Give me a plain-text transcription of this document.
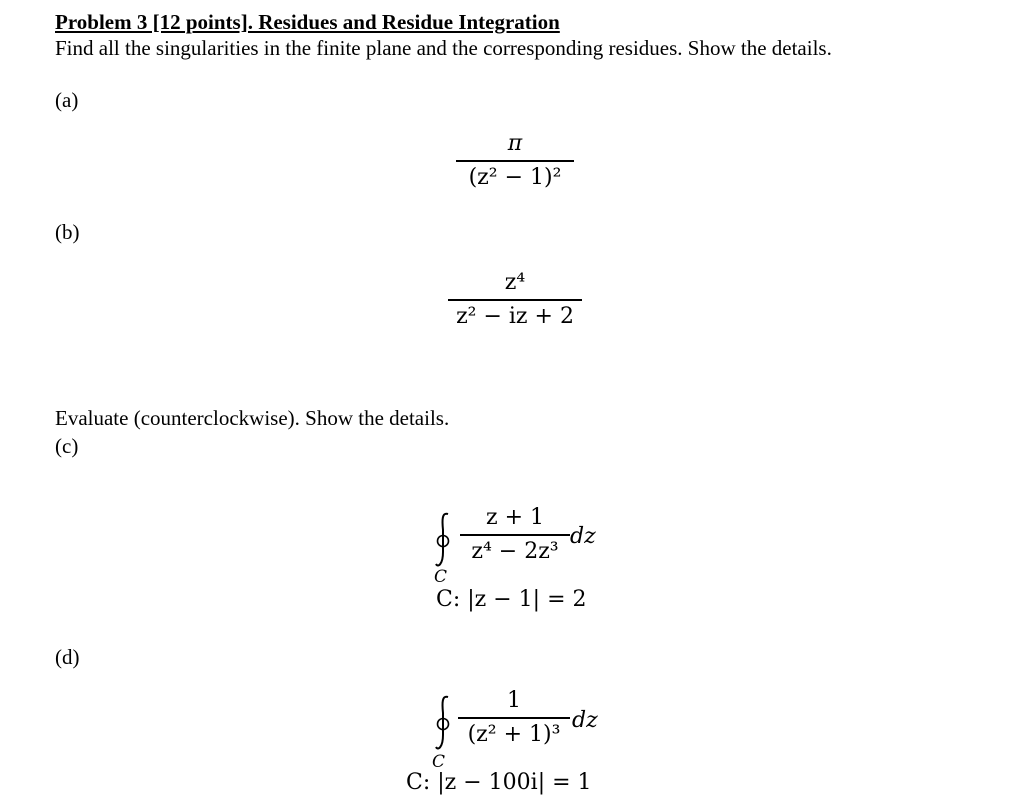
Problem 3 [12 points]. Residues and Residue Integration
Find all the singularities in the finite plane and the corresponding residues. Show the details.
(a)
π
(z² − 1)²
(b)
z⁴
z² − iz + 2
Evaluate (counterclockwise). Show the details.
(c)
C
z + 1
z⁴ − 2z³
dz
C: |z − 1| = 2
(d)
C
1
(z² + 1)³
dz
C: |z − 100i| = 1
